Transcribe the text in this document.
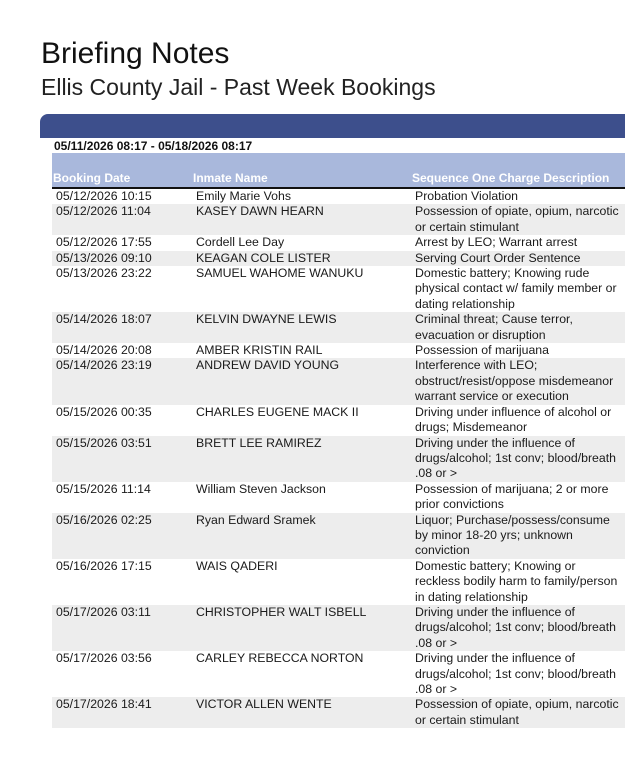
Briefing Notes
Ellis County Jail - Past Week Bookings
05/11/2026 08:17 - 05/18/2026 08:17
Booking Date	Inmate Name	Sequence One Charge Description
05/12/2026 10:15	Emily Marie Vohs	Probation Violation
05/12/2026 11:04	KASEY DAWN HEARN	Possession of opiate, opium, narcotic or certain stimulant
05/12/2026 17:55	Cordell Lee Day	Arrest by LEO; Warrant arrest
05/13/2026 09:10	KEAGAN COLE LISTER	Serving Court Order Sentence
05/13/2026 23:22	SAMUEL WAHOME WANUKU	Domestic battery; Knowing rude physical contact w/ family member or dating relationship
05/14/2026 18:07	KELVIN DWAYNE LEWIS	Criminal threat; Cause terror, evacuation or disruption
05/14/2026 20:08	AMBER KRISTIN RAIL	Possession of marijuana
05/14/2026 23:19	ANDREW DAVID YOUNG	Interference with LEO; obstruct/resist/oppose misdemeanor warrant service or execution
05/15/2026 00:35	CHARLES EUGENE MACK II	Driving under influence of alcohol or drugs; Misdemeanor
05/15/2026 03:51	BRETT LEE RAMIREZ	Driving under the influence of drugs/alcohol; 1st conv; blood/breath .08 or >
05/15/2026 11:14	William Steven Jackson	Possession of marijuana; 2 or more prior convictions
05/16/2026 02:25	Ryan Edward Sramek	Liquor; Purchase/possess/consume by minor 18-20 yrs; unknown conviction
05/16/2026 17:15	WAIS QADERI	Domestic battery; Knowing or reckless bodily harm to family/person in dating relationship
05/17/2026 03:11	CHRISTOPHER WALT ISBELL	Driving under the influence of drugs/alcohol; 1st conv; blood/breath .08 or >
05/17/2026 03:56	CARLEY REBECCA NORTON	Driving under the influence of drugs/alcohol; 1st conv; blood/breath .08 or >
05/17/2026 18:41	VICTOR ALLEN WENTE	Possession of opiate, opium, narcotic or certain stimulant
